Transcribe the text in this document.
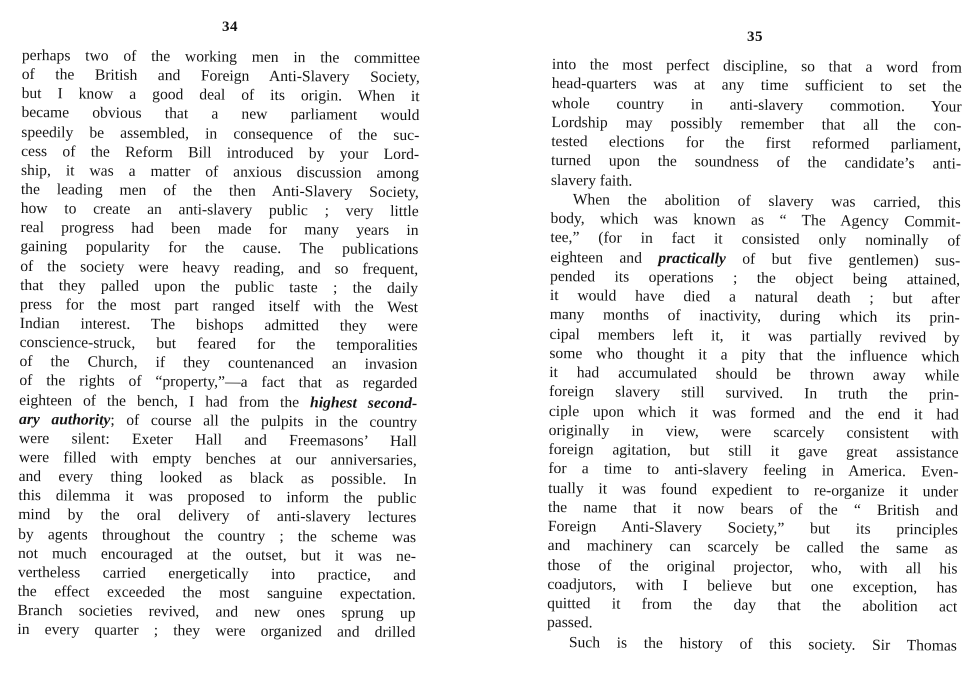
34
perhaps two of the working men in the committee
of the British and Foreign Anti-Slavery Society,
but I know a good deal of its origin. When it
became obvious that a new parliament would
speedily be assembled, in consequence of the suc-
cess of the Reform Bill introduced by your Lord-
ship, it was a matter of anxious discussion among
the leading men of the then Anti-Slavery Society,
how to create an anti-slavery public ; very little
real progress had been made for many years in
gaining popularity for the cause. The publications
of the society were heavy reading, and so frequent,
that they palled upon the public taste ; the daily
press for the most part ranged itself with the West
Indian interest. The bishops admitted they were
conscience-struck, but feared for the temporalities
of the Church, if they countenanced an invasion
of the rights of “property,”—a fact that as regarded
eighteen of the bench, I had from the highest second-
ary authority; of course all the pulpits in the country
were silent: Exeter Hall and Freemasons’ Hall
were filled with empty benches at our anniversaries,
and every thing looked as black as possible. In
this dilemma it was proposed to inform the public
mind by the oral delivery of anti-slavery lectures
by agents throughout the country ; the scheme was
not much encouraged at the outset, but it was ne-
vertheless carried energetically into practice, and
the effect exceeded the most sanguine expectation.
Branch societies revived, and new ones sprung up
in every quarter ; they were organized and drilled
35
into the most perfect discipline, so that a word from
head-quarters was at any time sufficient to set the
whole country in anti-slavery commotion. Your
Lordship may possibly remember that all the con-
tested elections for the first reformed parliament,
turned upon the soundness of the candidate’s anti-
slavery faith.
When the abolition of slavery was carried, this
body, which was known as “ The Agency Commit-
tee,” (for in fact it consisted only nominally of
eighteen and practically of but five gentlemen) sus-
pended its operations ; the object being attained,
it would have died a natural death ; but after
many months of inactivity, during which its prin-
cipal members left it, it was partially revived by
some who thought it a pity that the influence which
it had accumulated should be thrown away while
foreign slavery still survived. In truth the prin-
ciple upon which it was formed and the end it had
originally in view, were scarcely consistent with
foreign agitation, but still it gave great assistance
for a time to anti-slavery feeling in America. Even-
tually it was found expedient to re-organize it under
the name that it now bears of the “ British and
Foreign Anti-Slavery Society,” but its principles
and machinery can scarcely be called the same as
those of the original projector, who, with all his
coadjutors, with I believe but one exception, has
quitted it from the day that the abolition act
passed.
Such is the history of this society. Sir Thomas
